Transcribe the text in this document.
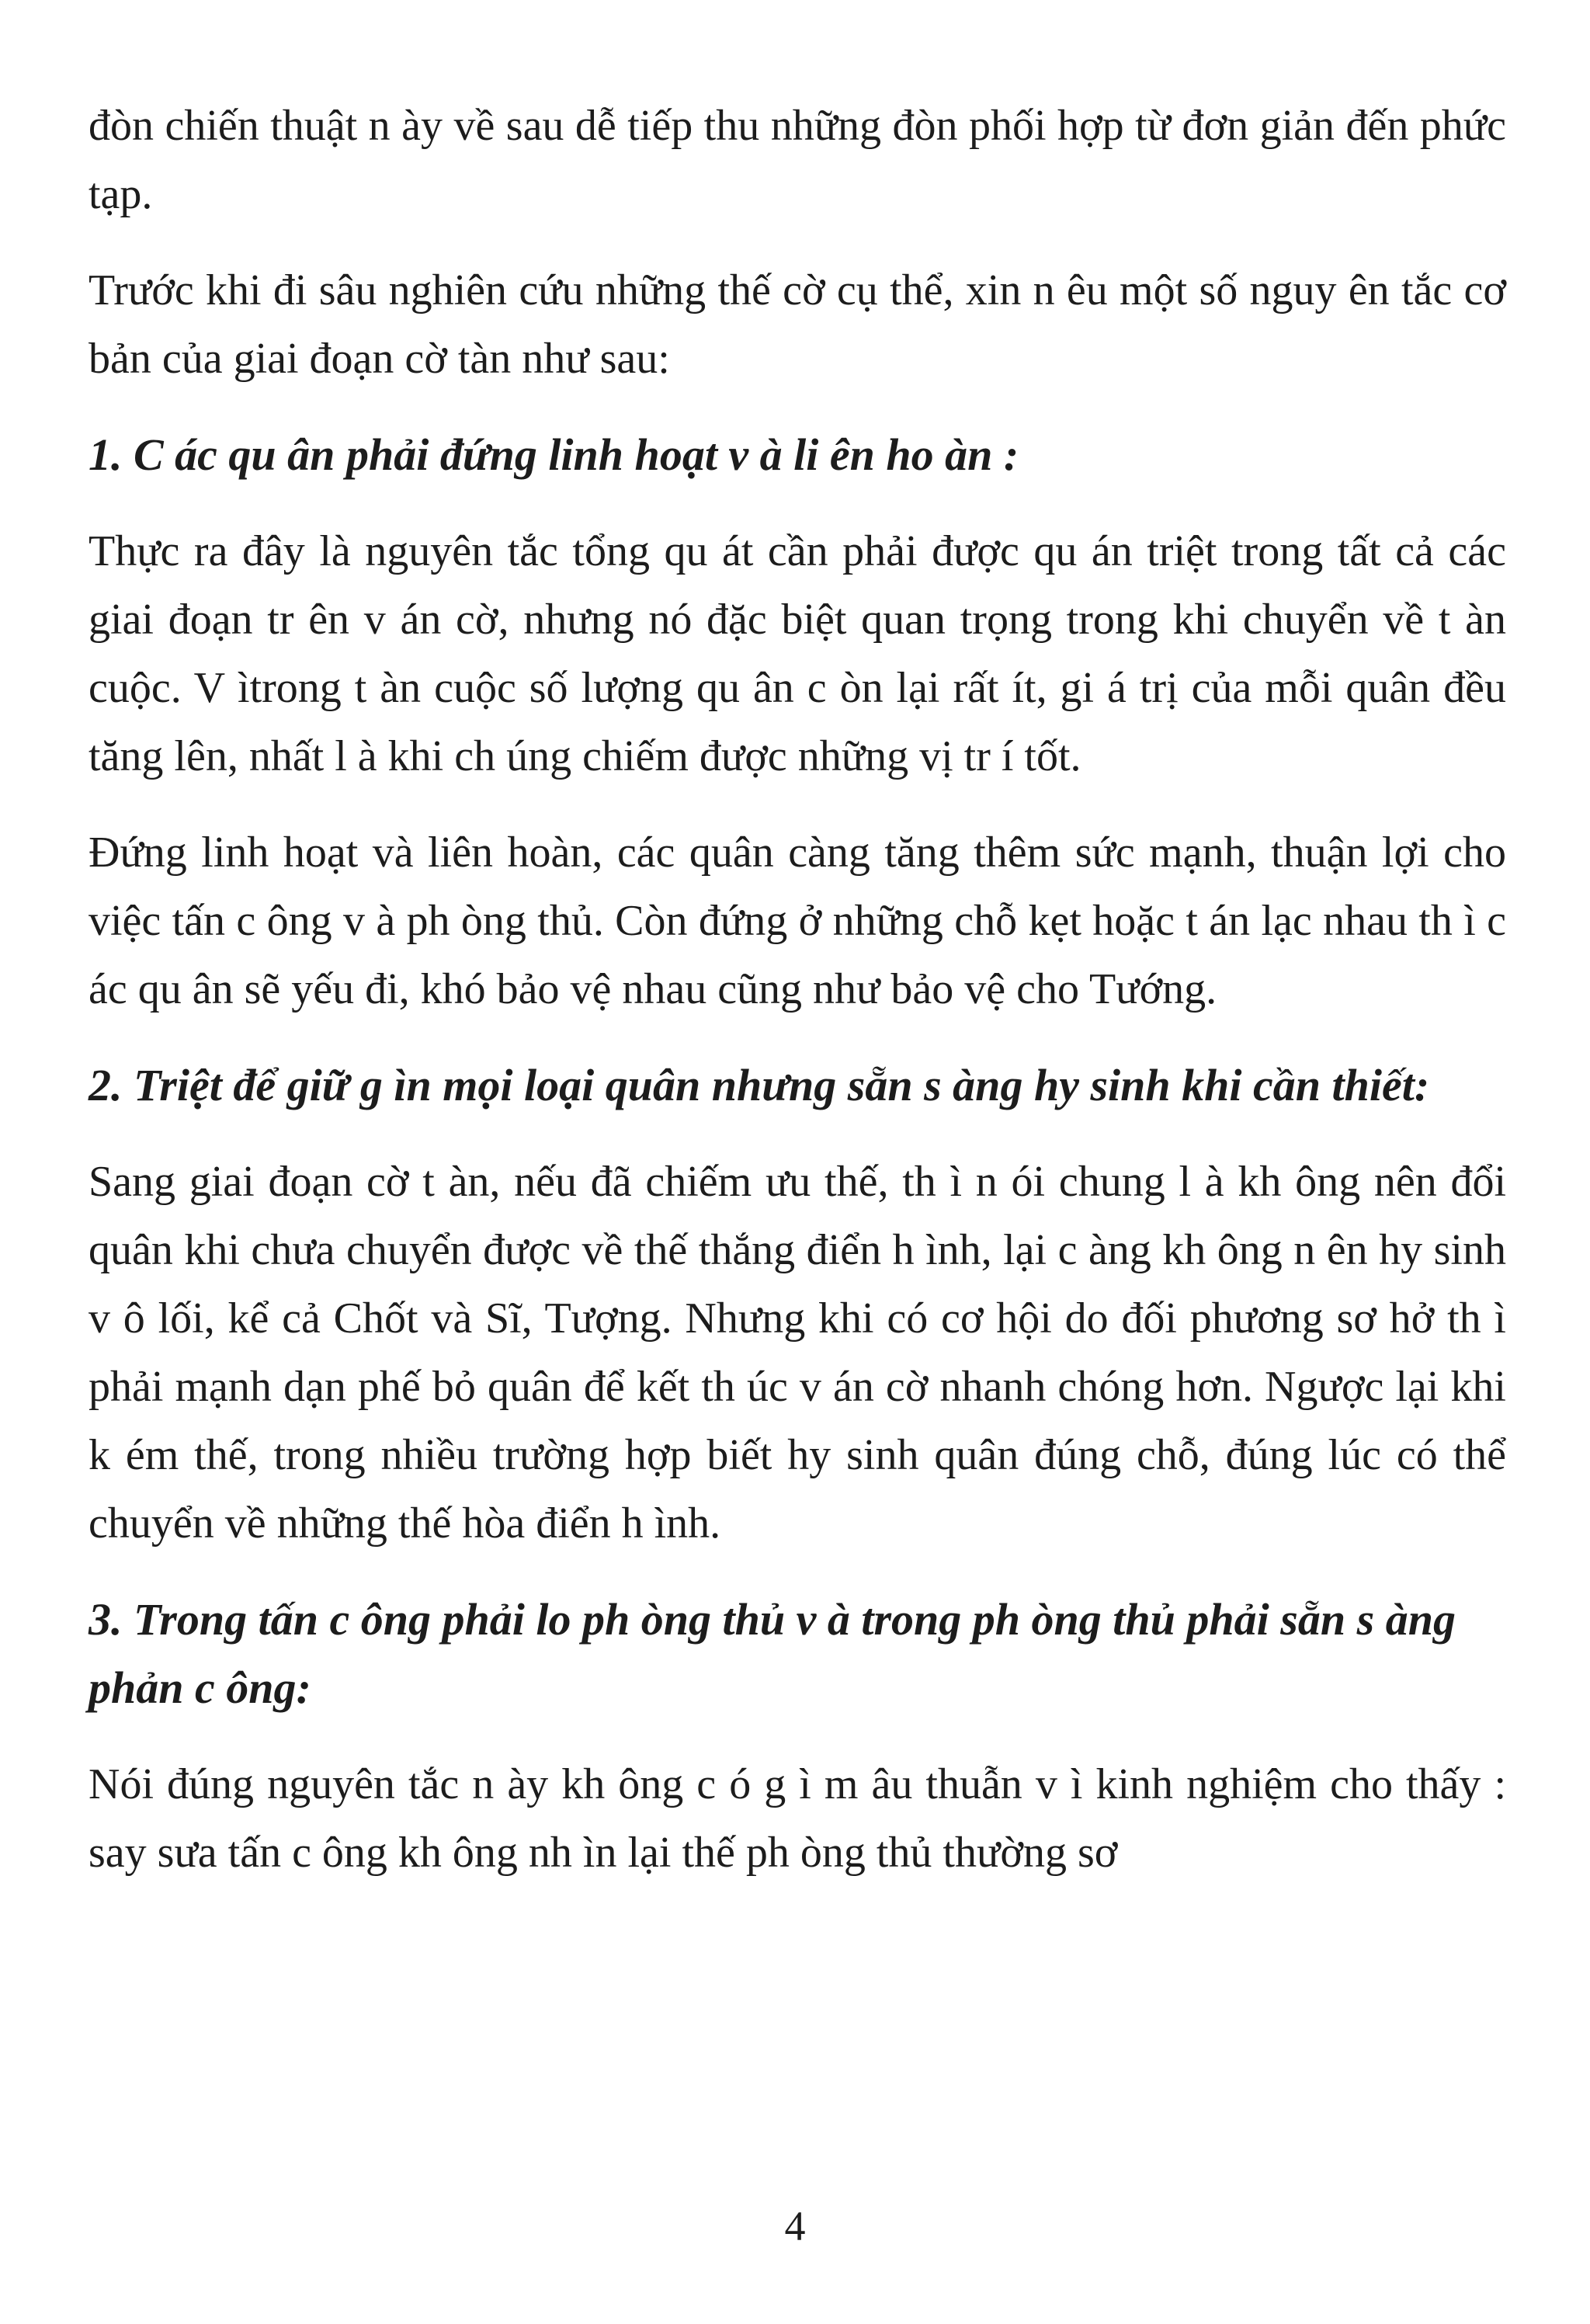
đòn chiến thuật n ày về sau dễ tiếp thu những đòn phối hợp từ đơn giản đến phức tạp.

Trước khi đi sâu nghiên cứu những thế cờ cụ thể, xin n êu một số nguy ên tắc cơ bản của giai đoạn cờ tàn như sau:

1. C ác qu ân phải đứng linh hoạt v à li ên ho àn :

Thực ra đây là nguyên tắc tổng qu át cần phải được qu án triệt trong tất cả các giai đoạn tr ên v án cờ, nhưng nó đặc biệt quan trọng trong khi chuyển về t àn cuộc. V ìtrong t àn cuộc số lượng qu ân c òn lại rất ít, gi á trị của mỗi quân đều tăng lên, nhất l à khi ch úng chiếm được những vị tr í tốt.

Đứng linh hoạt và liên hoàn, các quân càng tăng thêm sức mạnh, thuận lợi cho việc tấn c ông v à ph òng thủ. Còn đứng ở những chỗ kẹt hoặc t án lạc nhau th ì c ác qu ân sẽ yếu đi, khó bảo vệ nhau cũng như bảo vệ cho Tướng.

2. Triệt để giữ g ìn mọi loại quân nhưng sẵn s àng hy sinh khi cần thiết:

Sang giai đoạn cờ t àn, nếu đã chiếm ưu thế, th ì n ói chung l à kh ông nên đổi quân khi chưa chuyển được về thế thắng điển h ình, lại c àng kh ông n ên hy sinh v ô lối, kể cả Chốt và Sĩ, Tượng. Nhưng khi có cơ hội do đối phương sơ hở th ì phải mạnh dạn phế bỏ quân để kết th úc v án cờ nhanh chóng hơn. Ngược lại khi k ém thế, trong nhiều trường hợp biết hy sinh quân đúng chỗ, đúng lúc có thể chuyển về những thế hòa điển h ình.

3. Trong tấn c ông phải lo ph òng thủ v à trong ph òng thủ phải sẵn s àng phản c ông:

Nói đúng nguyên tắc n ày kh ông c ó g ì m âu thuẫn v ì kinh nghiệm cho thấy : say sưa tấn c ông kh ông nh ìn lại thế ph òng thủ thường sơ

4
